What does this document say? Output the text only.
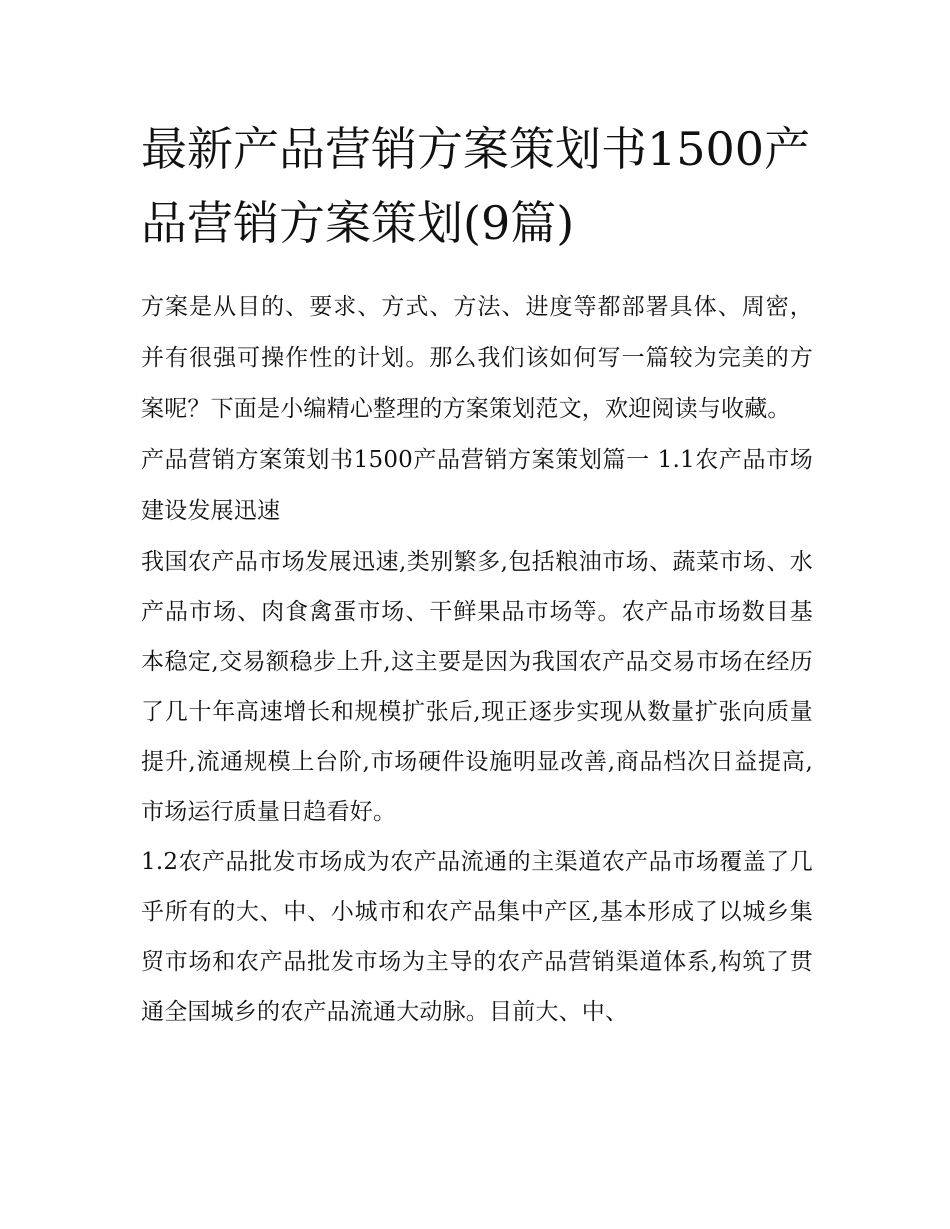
最新产品营销方案策划书1500产品营销方案策划(9篇)

方案是从目的、要求、方式、方法、进度等都部署具体、周密，并有很强可操作性的计划。那么我们该如何写一篇较为完美的方案呢？下面是小编精心整理的方案策划范文，欢迎阅读与收藏。

产品营销方案策划书1500产品营销方案策划篇一 1.1农产品市场建设发展迅速

我国农产品市场发展迅速,类别繁多,包括粮油市场、蔬菜市场、水产品市场、肉食禽蛋市场、干鲜果品市场等。农产品市场数目基本稳定,交易额稳步上升,这主要是因为我国农产品交易市场在经历了几十年高速增长和规模扩张后,现正逐步实现从数量扩张向质量提升,流通规模上台阶,市场硬件设施明显改善,商品档次日益提高,市场运行质量日趋看好。

1.2农产品批发市场成为农产品流通的主渠道农产品市场覆盖了几乎所有的大、中、小城市和农产品集中产区,基本形成了以城乡集贸市场和农产品批发市场为主导的农产品营销渠道体系,构筑了贯通全国城乡的农产品流通大动脉。目前大、中、
